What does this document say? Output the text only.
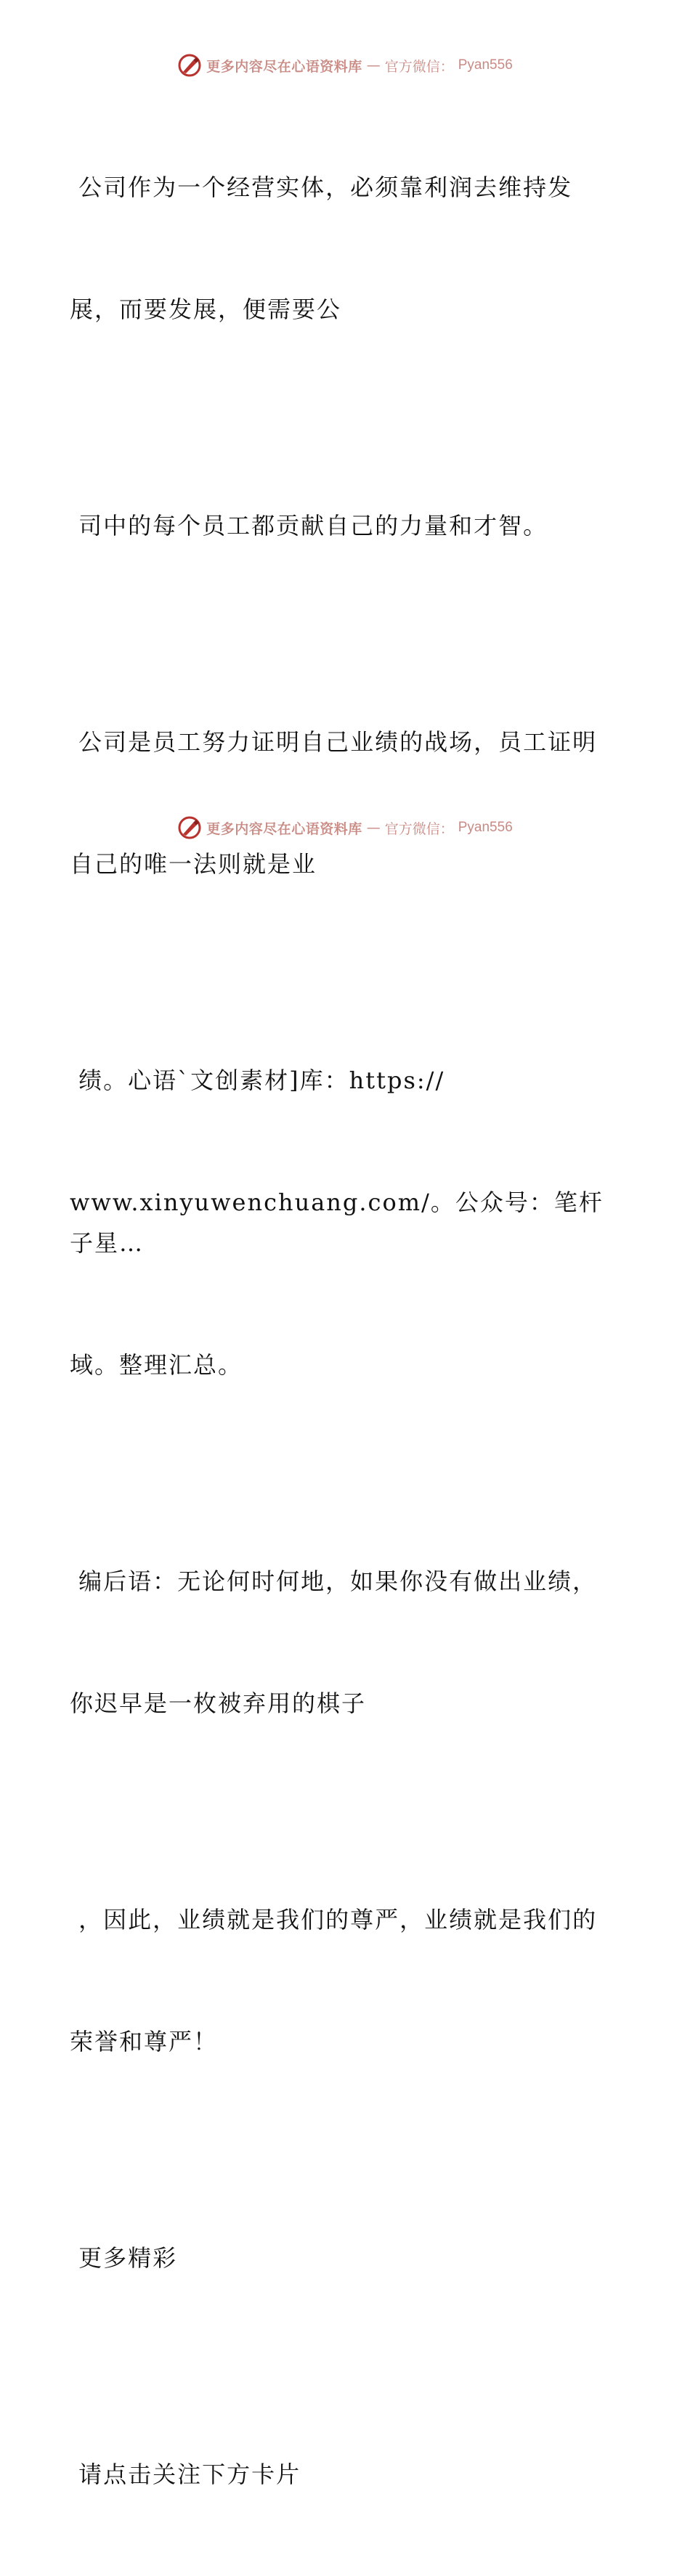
更多内容尽在心语资料库 — 官方微信： Pyan556

公司作为一个经营实体，必须靠利润去维持发

展，而要发展，便需要公

司中的每个员工都贡献自己的力量和才智。

公司是员工努力证明自己业绩的战场，员工证明

自己的唯一法则就是业

绩。心语`文创素材]库：https://

www.xinyuwenchuang.com/。公众号：笔杆子星…

域。整理汇总。

编后语：无论何时何地，如果你没有做出业绩，

你迟早是一枚被弃用的棋子

，因此，业绩就是我们的尊严，业绩就是我们的

荣誉和尊严！

更多精彩

请点击关注下方卡片

更多内容尽在心语资料库 — 官方微信： Pyan556
